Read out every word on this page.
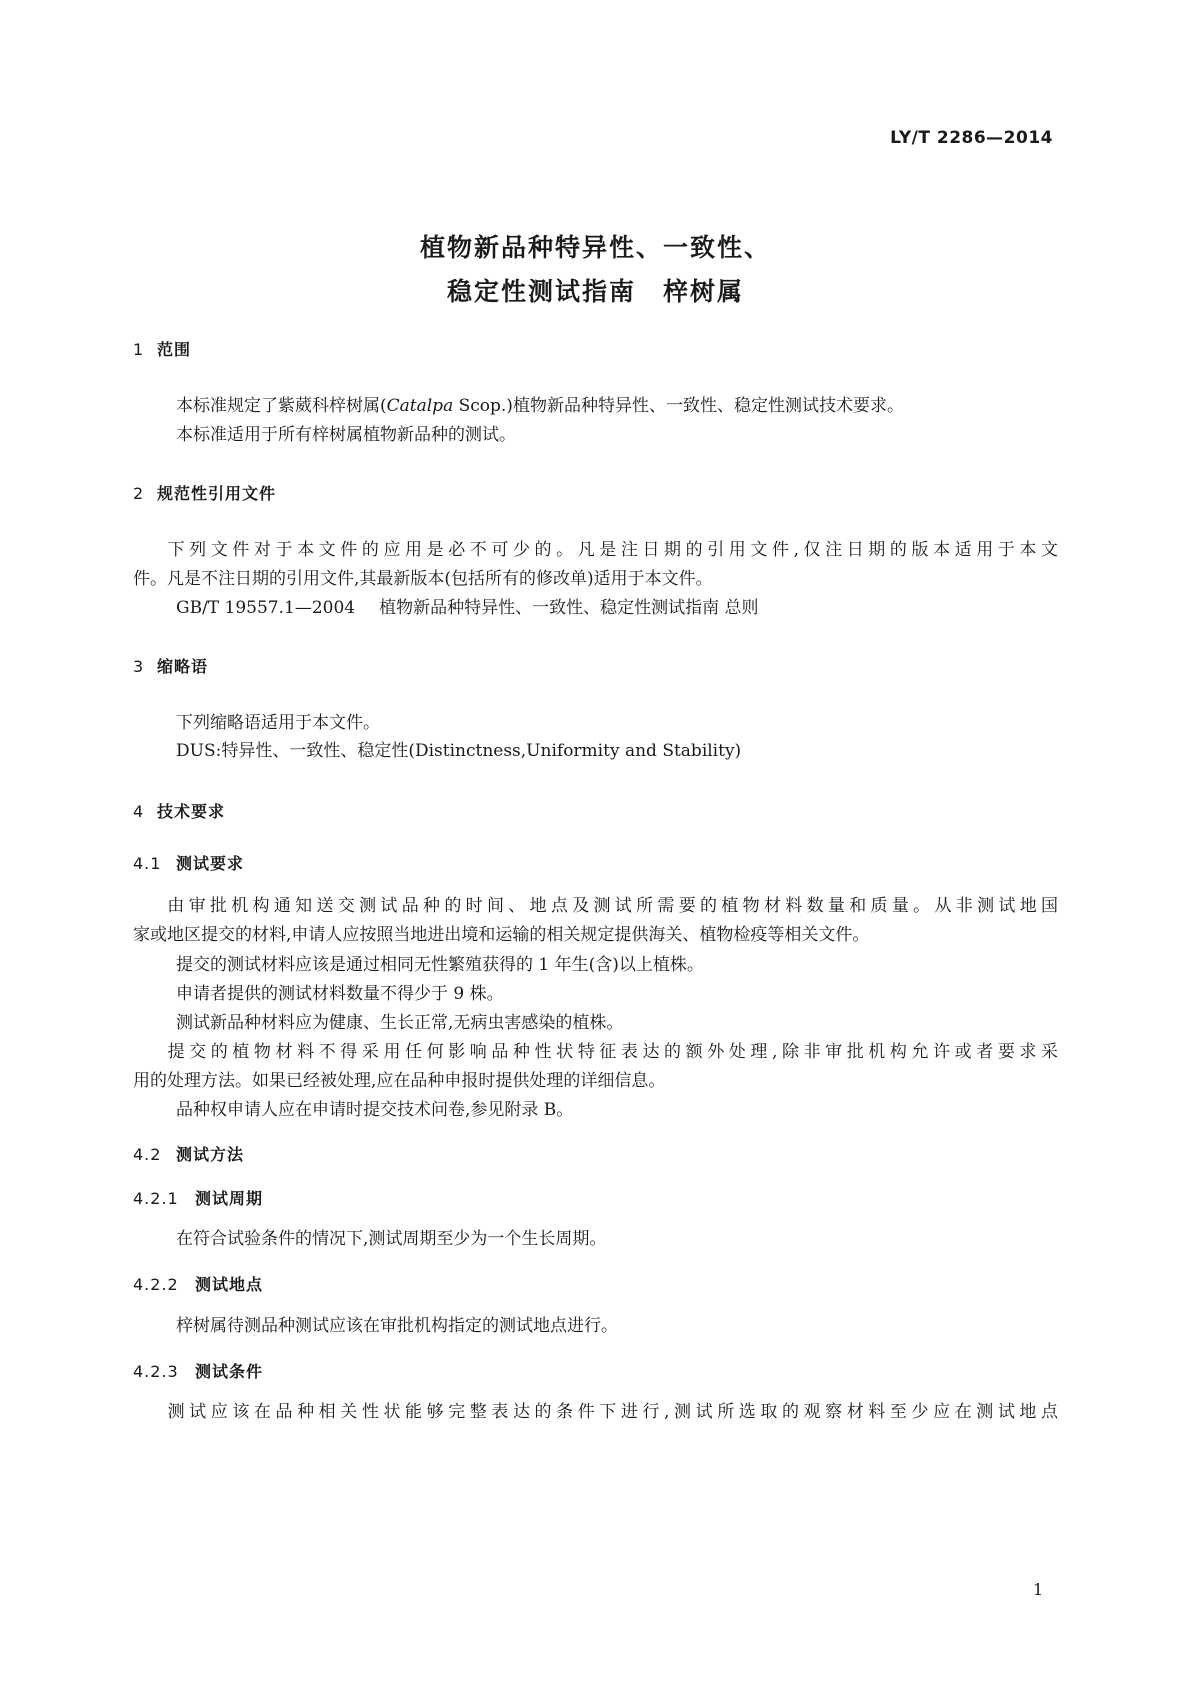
LY/T 2286—2014
植物新品种特异性、一致性、
稳定性测试指南　梓树属
1 范围
本标准规定了紫葳科梓树属(Catalpa Scop.)植物新品种特异性、一致性、稳定性测试技术要求。
本标准适用于所有梓树属植物新品种的测试。
2 规范性引用文件
下列文件对于本文件的应用是必不可少的。凡是注日期的引用文件,仅注日期的版本适用于本文
件。凡是不注日期的引用文件,其最新版本(包括所有的修改单)适用于本文件。
GB/T 19557.1—2004 植物新品种特异性、一致性、稳定性测试指南 总则
3 缩略语
下列缩略语适用于本文件。
DUS:特异性、一致性、稳定性(Distinctness,Uniformity and Stability)
4 技术要求
4.1 测试要求
由审批机构通知送交测试品种的时间、地点及测试所需要的植物材料数量和质量。从非测试地国
家或地区提交的材料,申请人应按照当地进出境和运输的相关规定提供海关、植物检疫等相关文件。
提交的测试材料应该是通过相同无性繁殖获得的 1 年生(含)以上植株。
申请者提供的测试材料数量不得少于 9 株。
测试新品种材料应为健康、生长正常,无病虫害感染的植株。
提交的植物材料不得采用任何影响品种性状特征表达的额外处理,除非审批机构允许或者要求采
用的处理方法。如果已经被处理,应在品种申报时提供处理的详细信息。
品种权申请人应在申请时提交技术问卷,参见附录 B。
4.2 测试方法
4.2.1 测试周期
在符合试验条件的情况下,测试周期至少为一个生长周期。
4.2.2 测试地点
梓树属待测品种测试应该在审批机构指定的测试地点进行。
4.2.3 测试条件
测试应该在品种相关性状能够完整表达的条件下进行,测试所选取的观察材料至少应在测试地点
1
